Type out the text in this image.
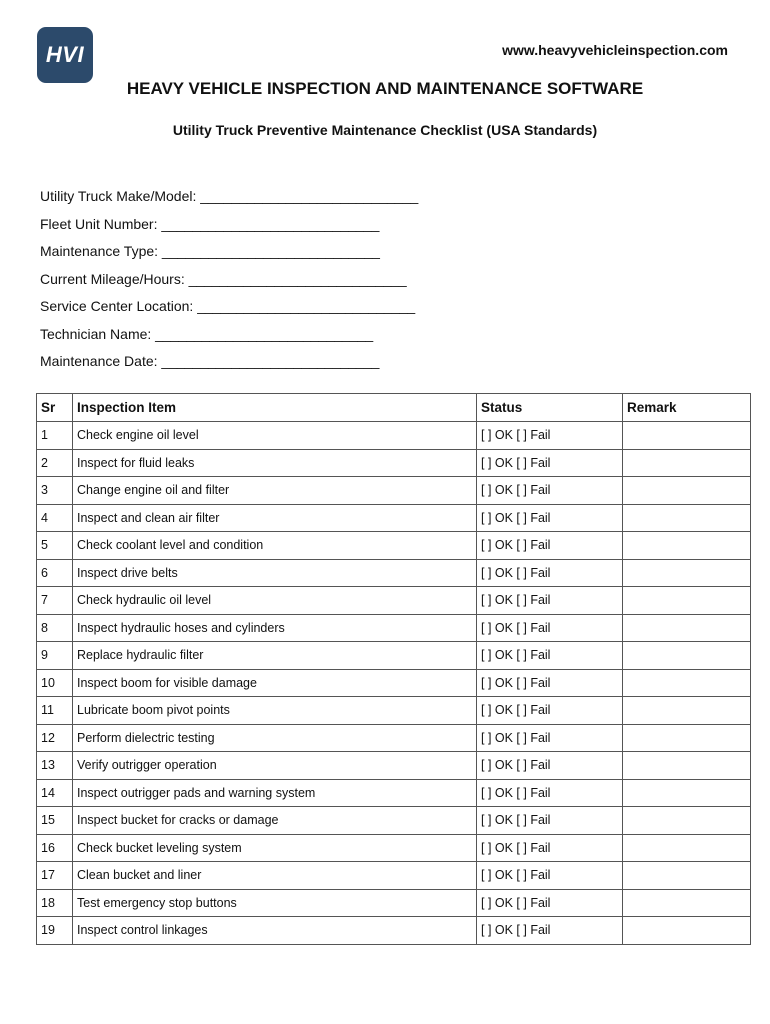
HVI	www.heavyvehicleinspection.com
HEAVY VEHICLE INSPECTION AND MAINTENANCE SOFTWARE
Utility Truck Preventive Maintenance Checklist (USA Standards)
Utility Truck Make/Model: ____________________________
Fleet Unit Number: ____________________________
Maintenance Type: ____________________________
Current Mileage/Hours: ____________________________
Service Center Location: ____________________________
Technician Name: ____________________________
Maintenance Date: ____________________________
Sr	Inspection Item	Status	Remark
1	Check engine oil level	[ ] OK [ ] Fail	
2	Inspect for fluid leaks	[ ] OK [ ] Fail	
3	Change engine oil and filter	[ ] OK [ ] Fail	
4	Inspect and clean air filter	[ ] OK [ ] Fail	
5	Check coolant level and condition	[ ] OK [ ] Fail	
6	Inspect drive belts	[ ] OK [ ] Fail	
7	Check hydraulic oil level	[ ] OK [ ] Fail	
8	Inspect hydraulic hoses and cylinders	[ ] OK [ ] Fail	
9	Replace hydraulic filter	[ ] OK [ ] Fail	
10	Inspect boom for visible damage	[ ] OK [ ] Fail	
11	Lubricate boom pivot points	[ ] OK [ ] Fail	
12	Perform dielectric testing	[ ] OK [ ] Fail	
13	Verify outrigger operation	[ ] OK [ ] Fail	
14	Inspect outrigger pads and warning system	[ ] OK [ ] Fail	
15	Inspect bucket for cracks or damage	[ ] OK [ ] Fail	
16	Check bucket leveling system	[ ] OK [ ] Fail	
17	Clean bucket and liner	[ ] OK [ ] Fail	
18	Test emergency stop buttons	[ ] OK [ ] Fail	
19	Inspect control linkages	[ ] OK [ ] Fail	
